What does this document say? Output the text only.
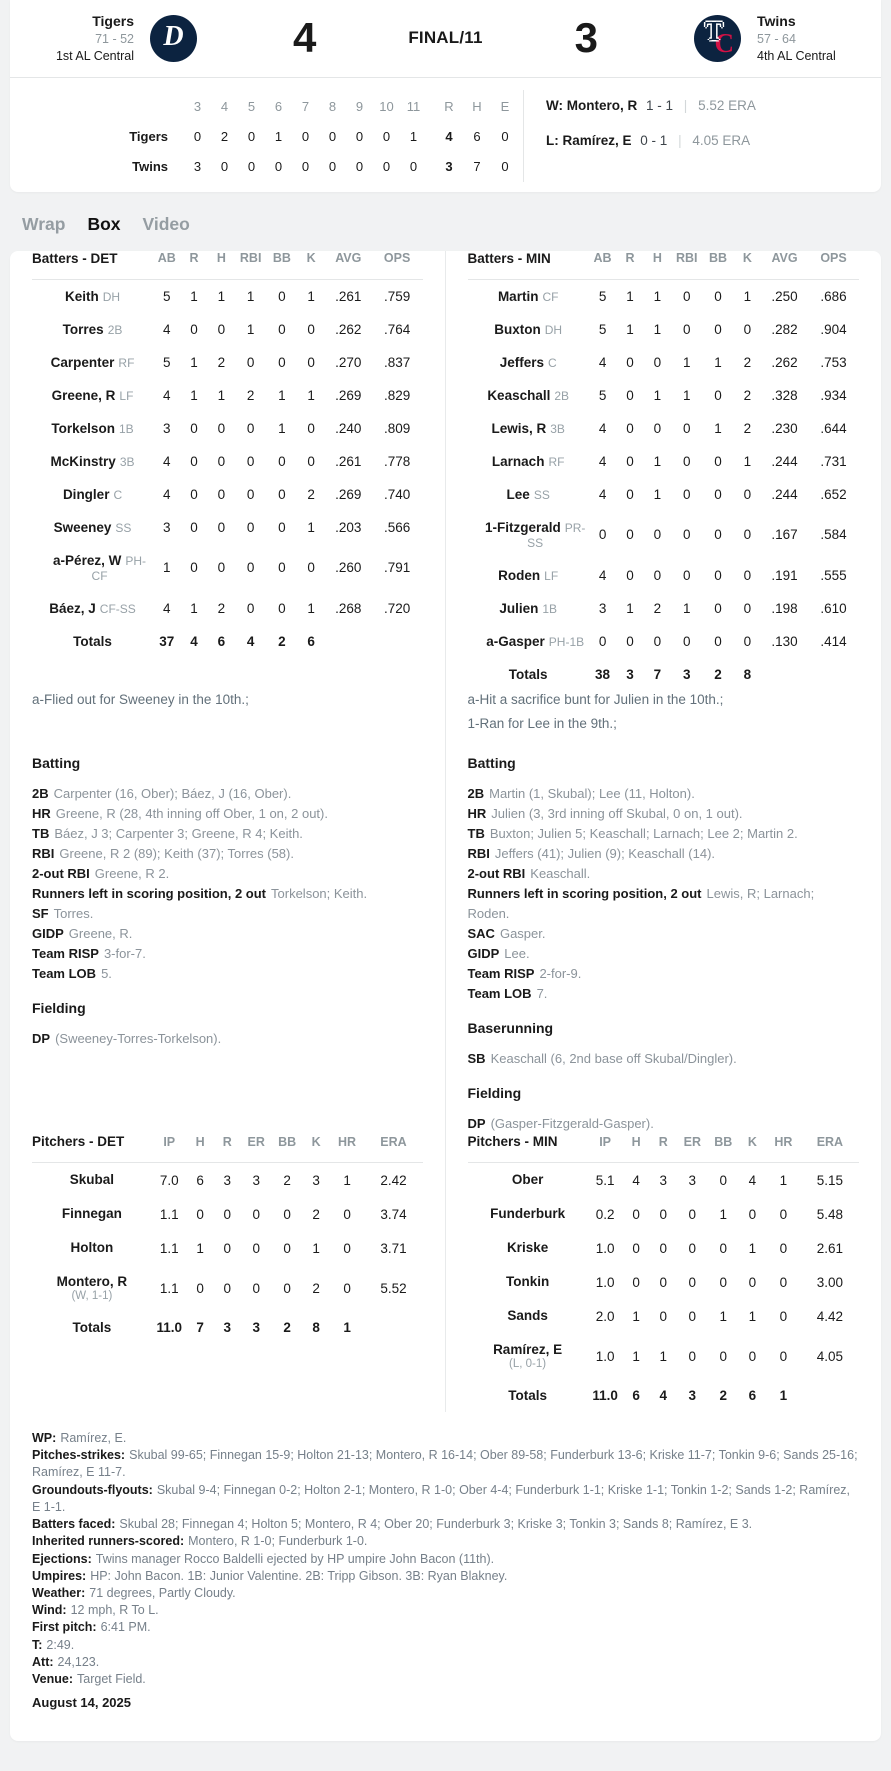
Tigers
71 - 52
1st AL Central
D	4	FINAL/11 3	C
T Twins
57 - 64
4th AL Central
3	4	5	6	7	8	9	10	11	R	H	E
Tigers	0	2	0	1	0	0	0	0	1	4	6	0
Twins	3	0	0	0	0	0	0	0	0	3	7	0
W: Montero, R 1 - 1 | 5.52 ERA
L: Ramírez, E 0 - 1 | 4.05 ERA
Wrap Box Video
Batters - DET	AB	R	H	RBI	BB	K	AVG	OPS
Keith DH	5	1	1	1	0	1	.261	.759
Torres 2B	4	0	0	1	0	0	.262	.764
Carpenter RF	5	1	2	0	0	0	.270	.837
Greene, R LF	4	1	1	2	1	1	.269	.829
Torkelson 1B	3	0	0	0	1	0	.240	.809
McKinstry 3B	4	0	0	0	0	0	.261	.778
Dingler C	4	0	0	0	0	2	.269	.740
Sweeney SS	3	0	0	0	0	1	.203	.566
a-Pérez, W PH-CF	1	0	0	0	0	0	.260	.791
Báez, J CF-SS	4	1	2	0	0	1	.268	.720
Totals	37	4	6	4	2	6		
Batters - MIN	AB	R	H	RBI	BB	K	AVG	OPS
Martin CF	5	1	1	0	0	1	.250	.686
Buxton DH	5	1	1	0	0	0	.282	.904
Jeffers C	4	0	0	1	1	2	.262	.753
Keaschall 2B	5	0	1	1	0	2	.328	.934
Lewis, R 3B	4	0	0	0	1	2	.230	.644
Larnach RF	4	0	1	0	0	1	.244	.731
Lee SS	4	0	1	0	0	0	.244	.652
1-Fitzgerald PR-SS	0	0	0	0	0	0	.167	.584
Roden LF	4	0	0	0	0	0	.191	.555
Julien 1B	3	1	2	1	0	0	.198	.610
a-Gasper PH-1B	0	0	0	0	0	0	.130	.414
Totals	38	3	7	3	2	8		
a-Flied out for Sweeney in the 10th.;	a-Hit a sacrifice bunt for Julien in the 10th.;
1-Ran for Lee in the 9th.;
Batting
2B Carpenter (16, Ober); Báez, J (16, Ober).
HR Greene, R (28, 4th inning off Ober, 1 on, 2 out).
TB Báez, J 3; Carpenter 3; Greene, R 4; Keith.
RBI Greene, R 2 (89); Keith (37); Torres (58).
2-out RBI Greene, R 2.
Runners left in scoring position, 2 out Torkelson; Keith.
SF Torres.
GIDP Greene, R.
Team RISP 3-for-7.
Team LOB 5.
Fielding
DP (Sweeney-Torres-Torkelson).
Batting
2B Martin (1, Skubal); Lee (11, Holton).
HR Julien (3, 3rd inning off Skubal, 0 on, 1 out).
TB Buxton; Julien 5; Keaschall; Larnach; Lee 2; Martin 2.
RBI Jeffers (41); Julien (9); Keaschall (14).
2-out RBI Keaschall.
Runners left in scoring position, 2 out Lewis, R; Larnach; Roden.
SAC Gasper.
GIDP Lee.
Team RISP 2-for-9.
Team LOB 7.
Baserunning
SB Keaschall (6, 2nd base off Skubal/Dingler).
Fielding
DP (Gasper-Fitzgerald-Gasper).
Pitchers - DET	IP	H	R	ER	BB	K	HR	ERA
Skubal	7.0	6	3	3	2	3	1	2.42
Finnegan	1.1	0	0	0	0	2	0	3.74
Holton	1.1	1	0	0	0	1	0	3.71
Montero, R
(W, 1-1)	1.1	0	0	0	0	2	0	5.52
Totals	11.0	7	3	3	2	8	1	
Pitchers - MIN	IP	H	R	ER	BB	K	HR	ERA
Ober	5.1	4	3	3	0	4	1	5.15
Funderburk	0.2	0	0	0	1	0	0	5.48
Kriske	1.0	0	0	0	0	1	0	2.61
Tonkin	1.0	0	0	0	0	0	0	3.00
Sands	2.0	1	0	0	1	1	0	4.42
Ramírez, E
(L, 0-1)	1.0	1	1	0	0	0	0	4.05
Totals	11.0	6	4	3	2	6	1	
WP: Ramírez, E.
Pitches-strikes: Skubal 99-65; Finnegan 15-9; Holton 21-13; Montero, R 16-14; Ober 89-58; Funderburk 13-6; Kriske 11-7; Tonkin 9-6; Sands 25-16; Ramírez, E 11-7.
Groundouts-flyouts: Skubal 9-4; Finnegan 0-2; Holton 2-1; Montero, R 1-0; Ober 4-4; Funderburk 1-1; Kriske 1-1; Tonkin 1-2; Sands 1-2; Ramírez, E 1-1.
Batters faced: Skubal 28; Finnegan 4; Holton 5; Montero, R 4; Ober 20; Funderburk 3; Kriske 3; Tonkin 3; Sands 8; Ramírez, E 3.
Inherited runners-scored: Montero, R 1-0; Funderburk 1-0.
Ejections: Twins manager Rocco Baldelli ejected by HP umpire John Bacon (11th).
Umpires: HP: John Bacon. 1B: Junior Valentine. 2B: Tripp Gibson. 3B: Ryan Blakney.
Weather: 71 degrees, Partly Cloudy.
Wind: 12 mph, R To L.
First pitch: 6:41 PM.
T: 2:49.
Att: 24,123.
Venue: Target Field.
August 14, 2025
